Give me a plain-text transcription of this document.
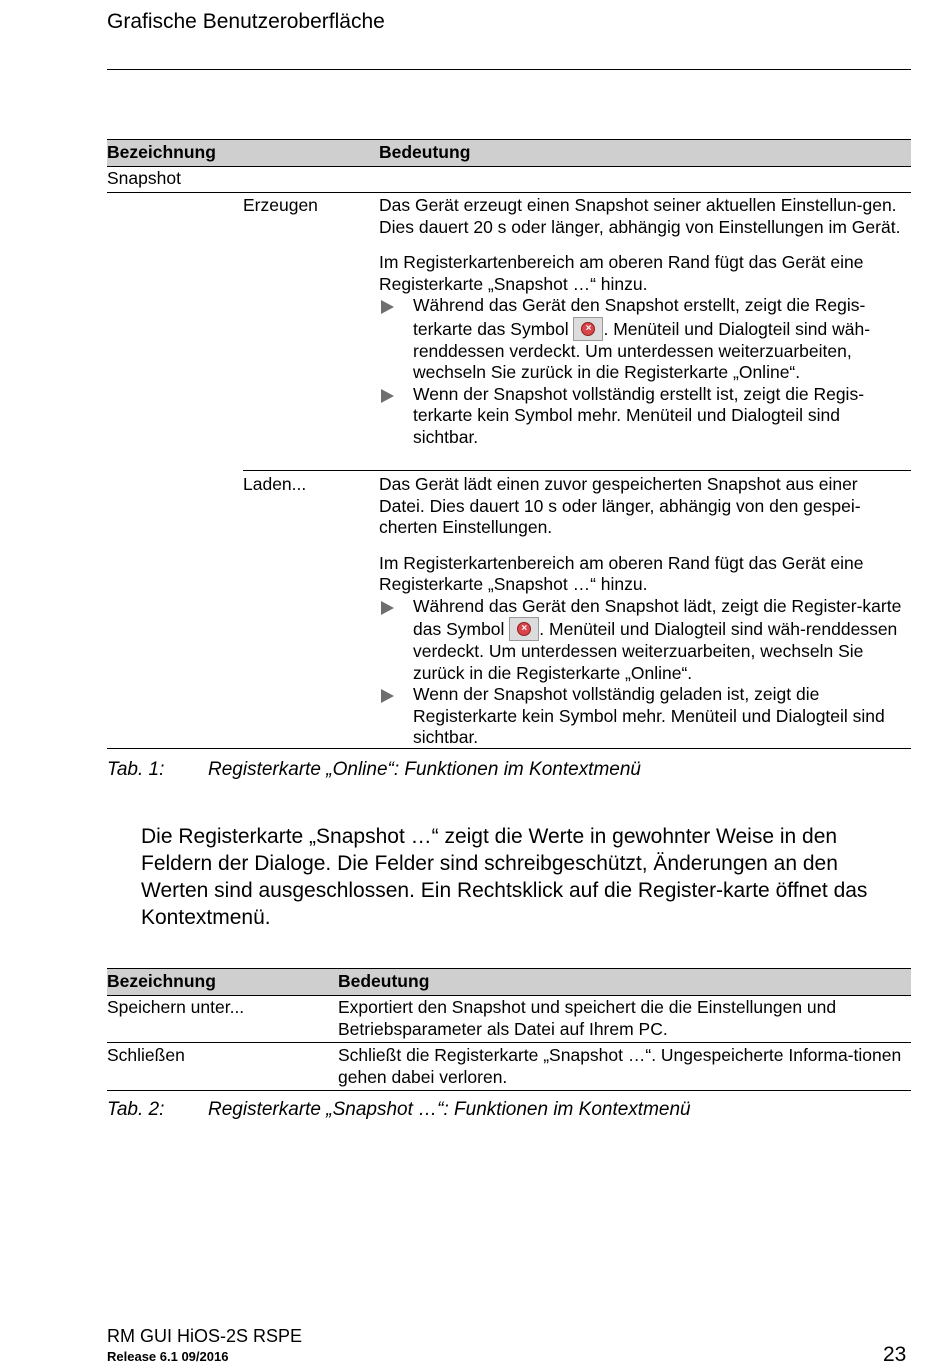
Grafische Benutzeroberfläche
Bezeichnung	Bedeutung
Snapshot
Erzeugen	Das Gerät erzeugt einen Snapshot seiner aktuellen Einstellun-gen. Dies dauert 20 s oder länger, abhängig von Einstellungen im Gerät.

Im Registerkartenbereich am oberen Rand fügt das Gerät eine Registerkarte „Snapshot …“ hinzu.

Während das Gerät den Snapshot erstellt, zeigt die Regis-terkarte das Symbol	× . Menüteil und Dialogteil sind wäh-renddessen verdeckt. Um unterdessen weiterzuarbeiten, wechseln Sie zurück in die Registerkarte „Online“.
Wenn der Snapshot vollständig erstellt ist, zeigt die Regis-terkarte kein Symbol mehr. Menüteil und Dialogteil sind sichtbar.
Laden...	Das Gerät lädt einen zuvor gespeicherten Snapshot aus einer Datei. Dies dauert 10 s oder länger, abhängig von den gespei-cherten Einstellungen.

Im Registerkartenbereich am oberen Rand fügt das Gerät eine Registerkarte „Snapshot …“ hinzu.

Während das Gerät den Snapshot lädt, zeigt die Register-karte das Symbol	× . Menüteil und Dialogteil sind wäh-renddessen verdeckt. Um unterdessen weiterzuarbeiten, wechseln Sie zurück in die Registerkarte „Online“.
Wenn der Snapshot vollständig geladen ist, zeigt die Registerkarte kein Symbol mehr. Menüteil und Dialogteil sind sichtbar.
Tab. 1: Registerkarte „Online“: Funktionen im Kontextmenü
Die Registerkarte „Snapshot …“ zeigt die Werte in gewohnter Weise in den Feldern der Dialoge. Die Felder sind schreibgeschützt, Änderungen an den Werten sind ausgeschlossen. Ein Rechtsklick auf die Register-karte öffnet das Kontextmenü.
Bezeichnung	Bedeutung
Speichern unter...	Exportiert den Snapshot und speichert die die Einstellungen und Betriebsparameter als Datei auf Ihrem PC.
Schließen	Schließt die Registerkarte „Snapshot …“. Ungespeicherte Informa-tionen gehen dabei verloren.
Tab. 2: Registerkarte „Snapshot …“: Funktionen im Kontextmenü
RM GUI HiOS-2S RSPE
Release 6.1 09/2016	23
